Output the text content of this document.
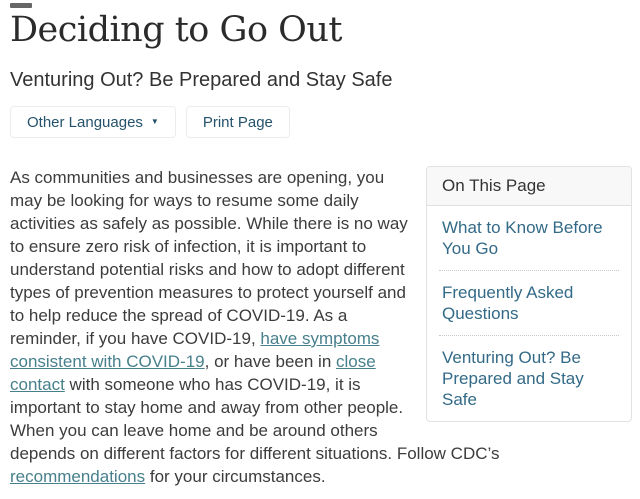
Deciding to Go Out
Venturing Out? Be Prepared and Stay Safe
Other Languages ▼	Print Page
On This Page
What to Know Before You Go
Frequently Asked Questions
Venturing Out? Be Prepared and Stay Safe

As communities and businesses are opening, you may be looking for ways to resume some daily activities as safely as possible. While there is no way to ensure zero risk of infection, it is important to understand potential risks and how to adopt different types of prevention measures to protect yourself and to help reduce the spread of COVID-19. As a reminder, if you have COVID-19, have symptoms consistent with COVID-19, or have been in close contact with someone who has COVID-19, it is important to stay home and away from other people. When you can leave home and be around others depends on different factors for different situations. Follow CDC’s recommendations for your circumstances.
